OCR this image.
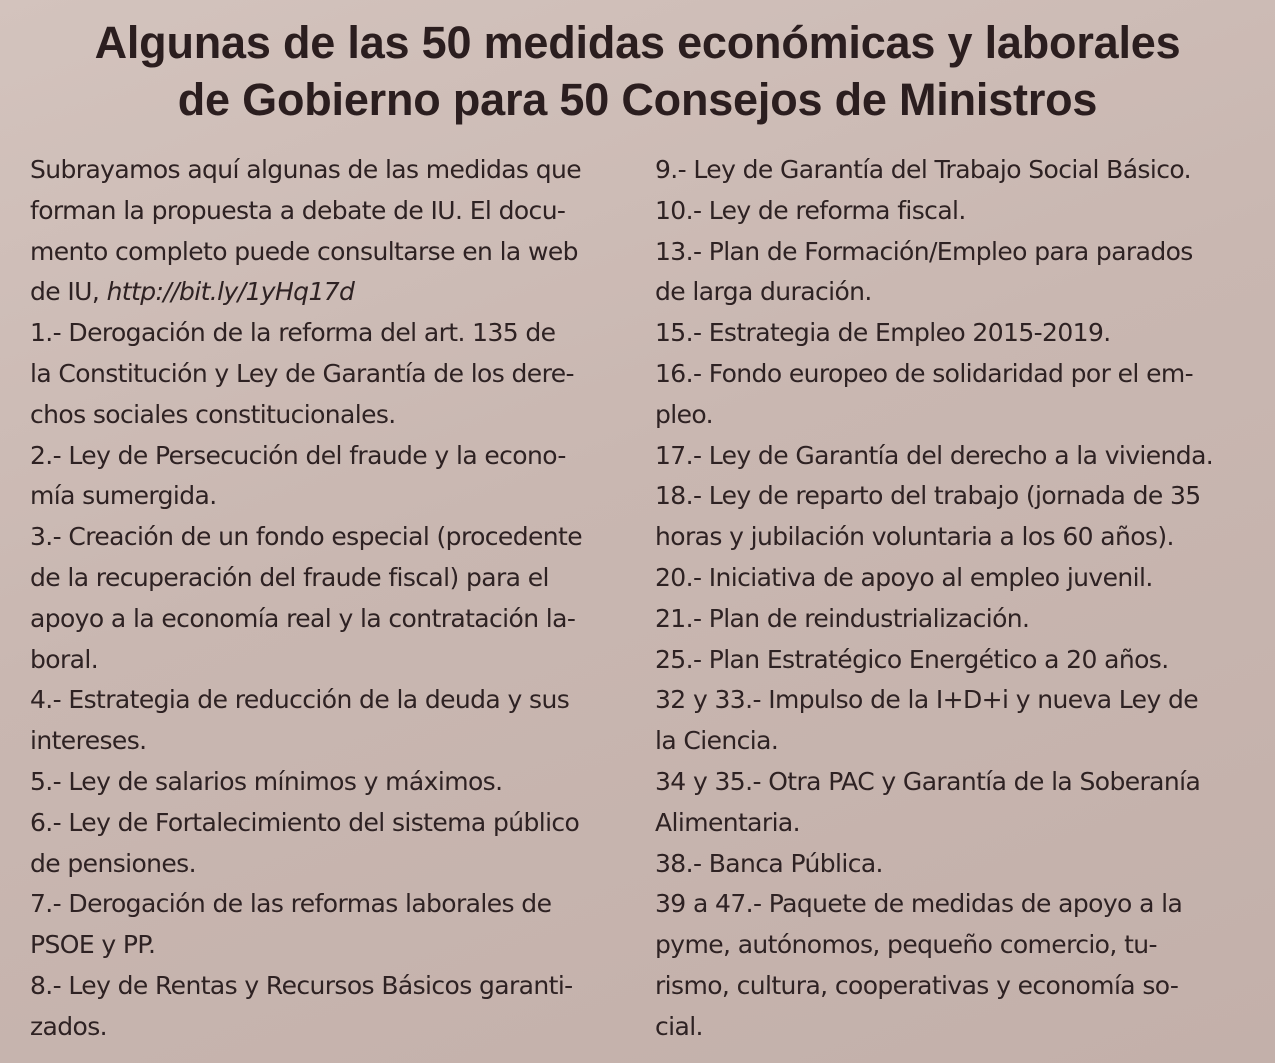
Algunas de las 50 medidas económicas y laborales
de Gobierno para 50 Consejos de Ministros

Subrayamos aquí algunas de las medidas que
forman la propuesta a debate de IU. El docu-
mento completo puede consultarse en la web
de IU, http://bit.ly/1yHq17d

1.- Derogación de la reforma del art. 135 de
la Constitución y Ley de Garantía de los dere-
chos sociales constitucionales.

2.- Ley de Persecución del fraude y la econo-
mía sumergida.

3.- Creación de un fondo especial (procedente
de la recuperación del fraude fiscal) para el
apoyo a la economía real y la contratación la-
boral.

4.- Estrategia de reducción de la deuda y sus
intereses.

5.- Ley de salarios mínimos y máximos.

6.- Ley de Fortalecimiento del sistema público
de pensiones.

7.- Derogación de las reformas laborales de
PSOE y PP.

8.- Ley de Rentas y Recursos Básicos garanti-
zados.

9.- Ley de Garantía del Trabajo Social Básico.

10.- Ley de reforma fiscal.

13.- Plan de Formación/Empleo para parados
de larga duración.

15.- Estrategia de Empleo 2015-2019.

16.- Fondo europeo de solidaridad por el em-
pleo.

17.- Ley de Garantía del derecho a la vivienda.

18.- Ley de reparto del trabajo (jornada de 35
horas y jubilación voluntaria a los 60 años).

20.- Iniciativa de apoyo al empleo juvenil.

21.- Plan de reindustrialización.

25.- Plan Estratégico Energético a 20 años.

32 y 33.- Impulso de la I+D+i y nueva Ley de
la Ciencia.

34 y 35.- Otra PAC y Garantía de la Soberanía
Alimentaria.

38.- Banca Pública.

39 a 47.- Paquete de medidas de apoyo a la
pyme, autónomos, pequeño comercio, tu-
rismo, cultura, cooperativas y economía so-
cial.
